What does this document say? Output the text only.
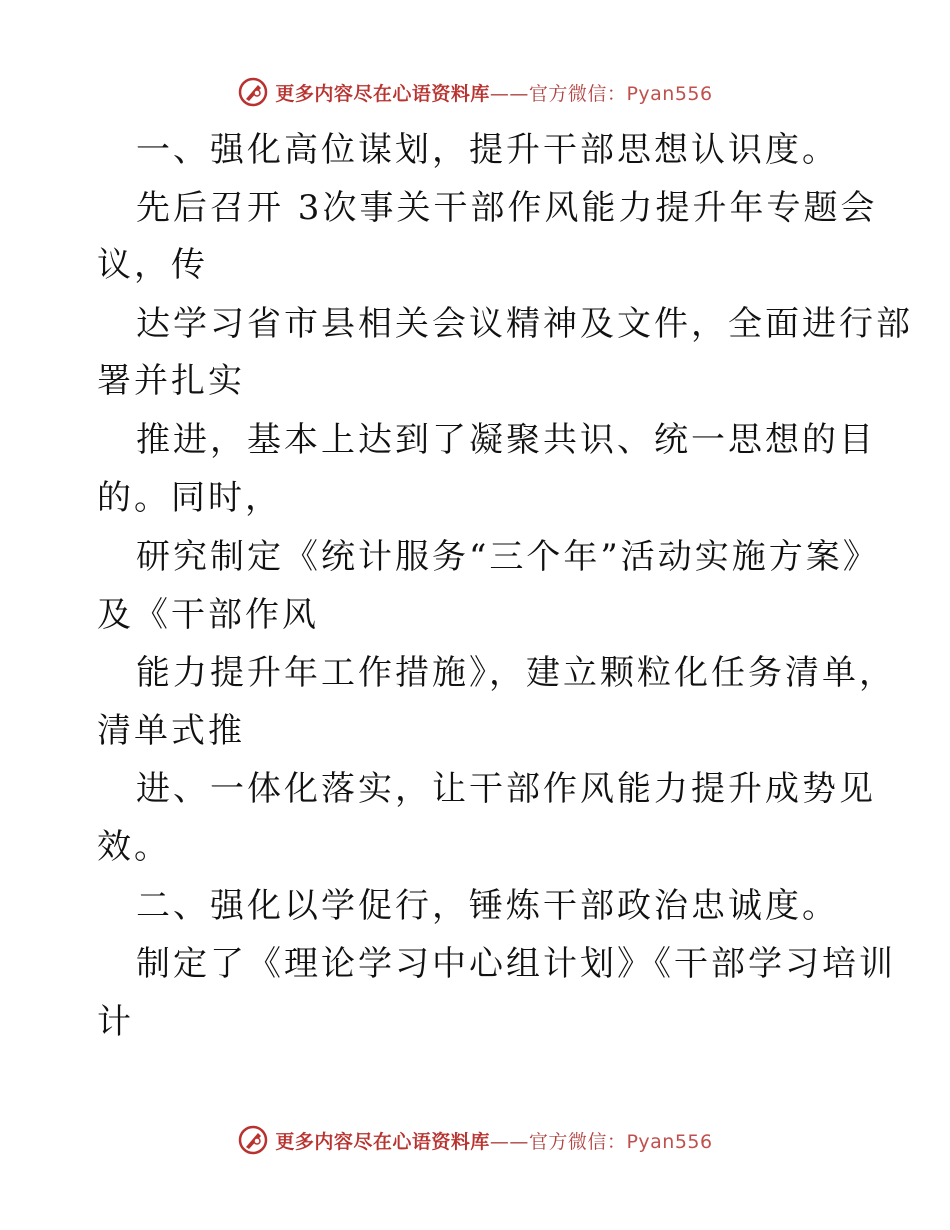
更多内容尽在心语资料库——官方微信：Pyan556
一、强化高位谋划，提升干部思想认识度。
先后召开 3次事关干部作风能力提升年专题会
议，传
达学习省市县相关会议精神及文件，全面进行部
署并扎实
推进，基本上达到了凝聚共识、统一思想的目
的。同时，
研究制定《统计服务“三个年”活动实施方案》
及《干部作风
能力提升年工作措施》，建立颗粒化任务清单，
清单式推
进、一体化落实，让干部作风能力提升成势见
效。
二、强化以学促行，锤炼干部政治忠诚度。
制定了《理论学习中心组计划》《干部学习培训
计
更多内容尽在心语资料库——官方微信：Pyan556
